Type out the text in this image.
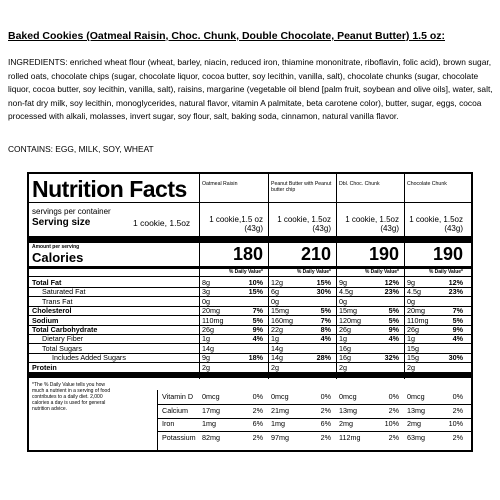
Baked Cookies (Oatmeal Raisin, Choc. Chunk, Double Chocolate, Peanut Butter) 1.5 oz:
INGREDIENTS: enriched wheat flour (wheat, barley, niacin, reduced iron, thiamine mononitrate, riboflavin, folic acid), brown sugar, rolled oats, chocolate chips (sugar, chocolate liquor, cocoa butter, soy lecithin, vanilla, salt), chocolate chunks (sugar, chocolate liquor, cocoa butter, soy lecithin, vanilla, salt), raisins, margarine (vegetable oil blend [palm fruit, soybean and olive oils], water, salt, non-fat dry milk, soy lecithin, monoglycerides, natural flavor, vitamin A palmitate, beta carotene color), butter, sugar, eggs, cocoa processed with alkali, molasses, invert sugar, soy flour, salt, baking soda, cinnamon, natural vanilla flavor.
CONTAINS: EGG, MILK, SOY, WHEAT
Nutrition Facts
servings per container
Serving size	1 cookie, 1.5oz
Amount per serving
Calories
*The % Daily Value tells you how much a nutrient in a serving of food contributes to a daily diet. 2,000 calories a day is used for general nutrition advice.
Oatmeal Raisin
1 cookie,1.5 oz (43g)
180
% Daily Value*
Peanut Butter with Peanut butter chip
1 cookie, 1.5oz (43g)
210
% Daily Value*
Dbl. Choc. Chunk
1 cookie, 1.5oz (43g)
190
% Daily Value*
Chocolate Chunk
1 cookie, 1.5oz (43g)
190
% Daily Value*
Total Fat	8g	10% 12g	15% 9g	12% 9g	12%
Saturated Fat	3g	15% 6g	30% 4.5g	23% 4.5g	23%
Trans Fat	0g	0g	0g	0g
Cholesterol	20mg	7% 15mg	5% 15mg	5% 20mg	7%
Sodium	110mg	5% 160mg	7% 120mg	5% 110mg	5%
Total Carbohydrate	26g	9% 22g	8% 26g	9% 26g	9%
Dietary Fiber	1g	4% 1g	4% 1g	4% 1g	4%
Total Sugars	14g	14g	16g	15g
Includes Added Sugars	9g	18% 14g	28% 16g	32% 15g	30%
Protein	2g	2g	2g	2g
Vitamin D 0mcg	0% 0mcg	0% 0mcg	0% 0mcg	0%
Calcium 17mg	2% 21mg	2% 13mg	2% 13mg	2%
Iron	1mg	6% 1mg	6% 2mg	10% 2mg	10%
Potassium 82mg	2% 97mg	2% 112mg	2% 63mg	2%
